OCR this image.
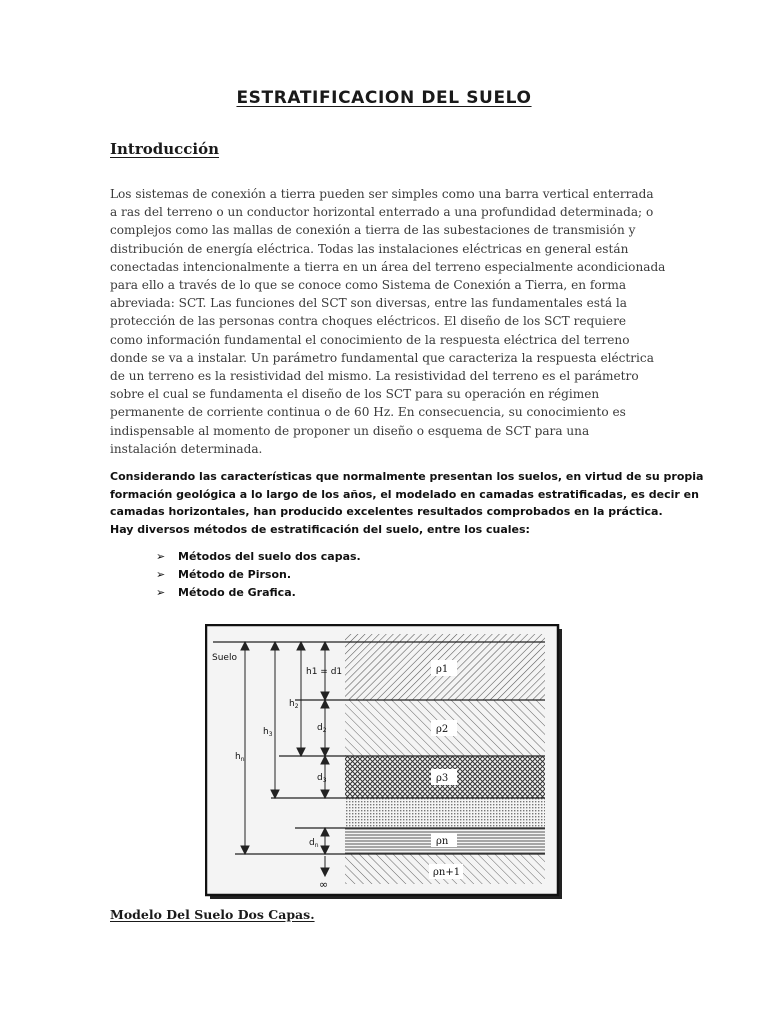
ESTRATIFICACION DEL SUELO
Introducción
Los sistemas de conexión a tierra pueden ser simples como una barra vertical enterrada
a ras del terreno o un conductor horizontal enterrado a una profundidad determinada; o
complejos como las mallas de conexión a tierra de las subestaciones de transmisión y
distribución de energía eléctrica. Todas las instalaciones eléctricas en general están
conectadas intencionalmente a tierra en un área del terreno especialmente acondicionada
para ello a través de lo que se conoce como Sistema de Conexión a Tierra, en forma
abreviada: SCT. Las funciones del SCT son diversas, entre las fundamentales está la
protección de las personas contra choques eléctricos. El diseño de los SCT requiere
como información fundamental el conocimiento de la respuesta eléctrica del terreno
donde se va a instalar. Un parámetro fundamental que caracteriza la respuesta eléctrica
de un terreno es la resistividad del mismo. La resistividad del terreno es el parámetro
sobre el cual se fundamenta el diseño de los SCT para su operación en régimen
permanente de corriente continua o de 60 Hz. En consecuencia, su conocimiento es
indispensable al momento de proponer un diseño o esquema de SCT para una
instalación determinada.
Considerando las características que normalmente presentan los suelos, en virtud de su propia
formación geológica a lo largo de los años, el modelado en camadas estratificadas, es decir en
camadas horizontales, han producido excelentes resultados comprobados en la práctica.
Hay diversos métodos de estratificación del suelo, entre los cuales:
➢	Métodos del suelo dos capas.
➢	Método de Pirson.
➢	Método de Grafica.
Suelo
$h_n$
$h_3$
$h_2$
h1 = d1
$d_2$
$d_3$
$d_n$
∞
ρ1
ρ2
ρ3
ρn
ρn+1
Modelo Del Suelo Dos Capas.
